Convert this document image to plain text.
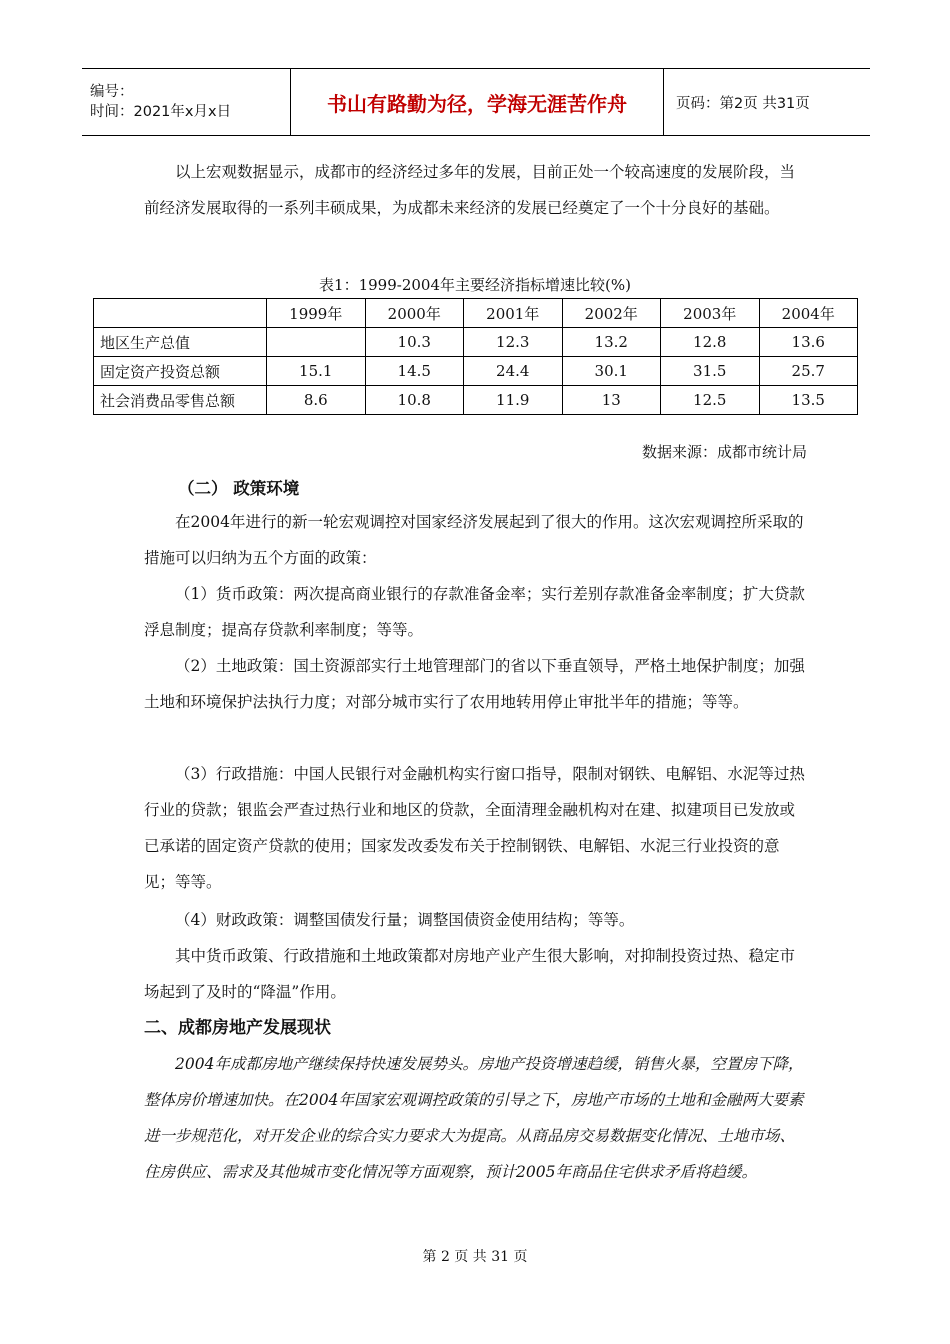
编号：
时间：2021年x月x日	书山有路勤为径，学海无涯苦作舟	页码：第2页 共31页
以上宏观数据显示，成都市的经济经过多年的发展，目前正处一个较高速度的发展阶段，当前经济发展取得的一系列丰硕成果，为成都未来经济的发展已经奠定了一个十分良好的基础。
表1：1999-2004年主要经济指标增速比较(%)
	1999年	2000年	2001年	2002年	2003年	2004年
地区生产总值		10.3	12.3	13.2	12.8	13.6
固定资产投资总额	15.1	14.5	24.4	30.1	31.5	25.7
社会消费品零售总额	8.6	10.8	11.9	13	12.5	13.5
数据来源：成都市统计局
（二） 政策环境
在2004年进行的新一轮宏观调控对国家经济发展起到了很大的作用。这次宏观调控所采取的措施可以归纳为五个方面的政策：
（1）货币政策：两次提高商业银行的存款准备金率；实行差别存款准备金率制度；扩大贷款浮息制度；提高存贷款利率制度；等等。
（2）土地政策：国土资源部实行土地管理部门的省以下垂直领导，严格土地保护制度；加强土地和环境保护法执行力度；对部分城市实行了农用地转用停止审批半年的措施；等等。
（3）行政措施：中国人民银行对金融机构实行窗口指导，限制对钢铁、电解铝、水泥等过热行业的贷款；银监会严查过热行业和地区的贷款，全面清理金融机构对在建、拟建项目已发放或已承诺的固定资产贷款的使用；国家发改委发布关于控制钢铁、电解铝、水泥三行业投资的意见；等等。
（4）财政政策：调整国债发行量；调整国债资金使用结构；等等。
其中货币政策、行政措施和土地政策都对房地产业产生很大影响，对抑制投资过热、稳定市场起到了及时的“降温”作用。
二、成都房地产发展现状
2004年成都房地产继续保持快速发展势头。房地产投资增速趋缓，销售火暴，空置房下降，整体房价增速加快。在2004年国家宏观调控政策的引导之下，房地产市场的土地和金融两大要素进一步规范化，对开发企业的综合实力要求大为提高。从商品房交易数据变化情况、土地市场、住房供应、需求及其他城市变化情况等方面观察，预计2005年商品住宅供求矛盾将趋缓。
第 2 页 共 31 页
